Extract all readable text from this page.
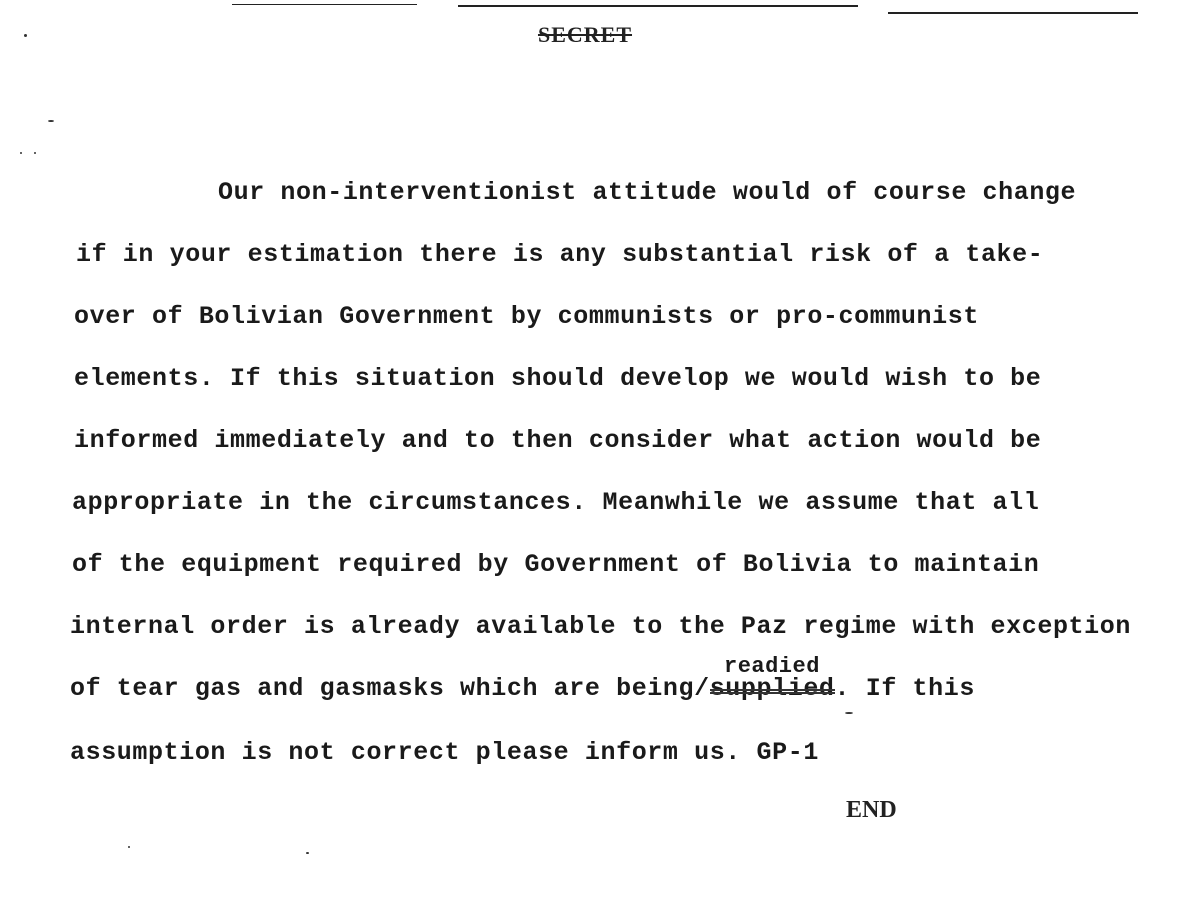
SECRET
Our non-interventionist attitude would of course change
if in your estimation there is any substantial risk of a take-
over of Bolivian Government by communists or pro-communist
elements. If this situation should develop we would wish to be
informed immediately and to then consider what action would be
appropriate in the circumstances. Meanwhile we assume that all
of the equipment required by Government of Bolivia to maintain
internal order is already available to the Paz regime with exception
readied
of tear gas and gasmasks which are being/supplied. If this
assumption is not correct please inform us. GP-1
END
